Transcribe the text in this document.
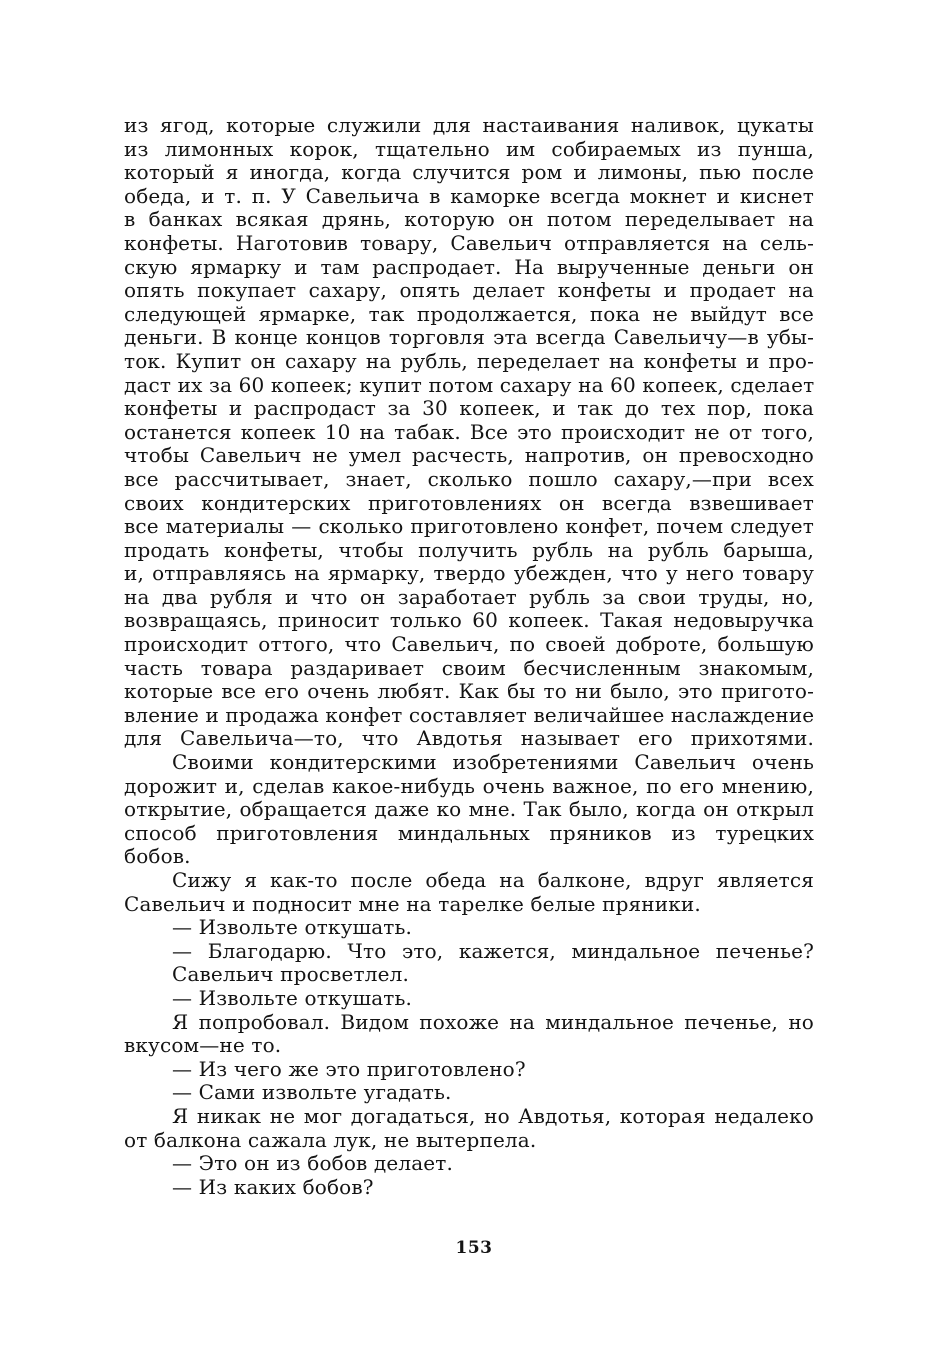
из ягод, которые служили для настаивания наливок, цукаты
из лимонных корок, тщательно им собираемых из пунша,
который я иногда, когда случится ром и лимоны, пью после
обеда, и т. п. У Савельича в каморке всегда мокнет и киснет
в банках всякая дрянь, которую он потом переделывает на
конфеты. Наготовив товару, Савельич отправляется на сель-
скую ярмарку и там распродает. На вырученные деньги он
опять покупает сахару, опять делает конфеты и продает на
следующей ярмарке, так продолжается, пока не выйдут все
деньги. В конце концов торговля эта всегда Савельичу—в убы-
ток. Купит он сахару на рубль, переделает на конфеты и про-
даст их за 60 копеек; купит потом сахару на 60 копеек, сделает
конфеты и распродаст за 30 копеек, и так до тех пор, пока
останется копеек 10 на табак. Все это происходит не от того,
чтобы Савельич не умел расчесть, напротив, он превосходно
все рассчитывает, знает, сколько пошло сахару,—при всех
своих кондитерских приготовлениях он всегда взвешивает
все материалы — сколько приготовлено конфет, почем следует
продать конфеты, чтобы получить рубль на рубль барыша,
и, отправляясь на ярмарку, твердо убежден, что у него товару
на два рубля и что он заработает рубль за свои труды, но,
возвращаясь, приносит только 60 копеек. Такая недовыручка
происходит оттого, что Савельич, по своей доброте, большую
часть товара раздаривает своим бесчисленным знакомым,
которые все его очень любят. Как бы то ни было, это пригото-
вление и продажа конфет составляет величайшее наслаждение
для Савельича—то, что Авдотья называет его прихотями.
Своими кондитерскими изобретениями Савельич очень
дорожит и, сделав какое-нибудь очень важное, по его мнению,
открытие, обращается даже ко мне. Так было, когда он открыл
способ приготовления миндальных пряников из турецких
бобов.
Сижу я как-то после обеда на балконе, вдруг является
Савельич и подносит мне на тарелке белые пряники.
— Извольте откушать.
— Благодарю. Что это, кажется, миндальное печенье?
Савельич просветлел.
— Извольте откушать.
Я попробовал. Видом похоже на миндальное печенье, но
вкусом—не то.
— Из чего же это приготовлено?
— Сами извольте угадать.
Я никак не мог догадаться, но Авдотья, которая недалеко
от балкона сажала лук, не вытерпела.
— Это он из бобов делает.
— Из каких бобов?
153
